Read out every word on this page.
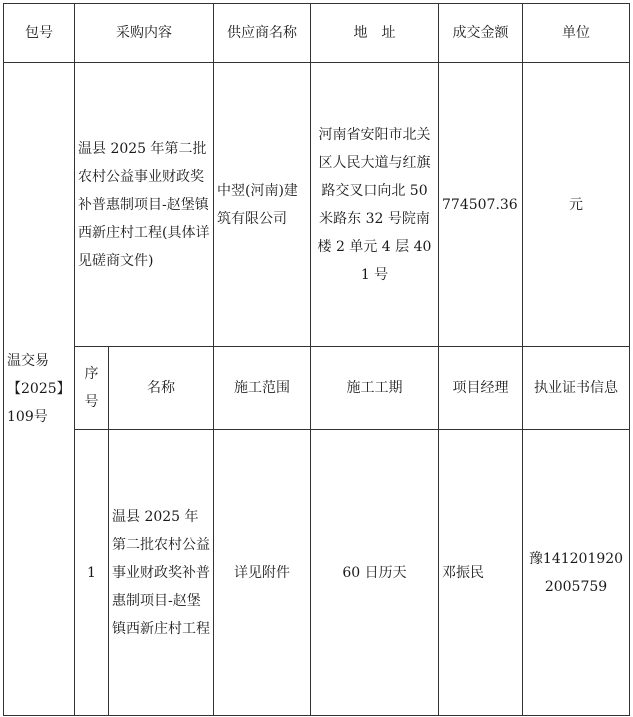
包号	采购内容		供应商名称	地　址	成交金额	单位
温交易【2025】 109号	温县 2025 年第二批农村公益事业财政奖补普惠制项目-赵堡镇西新庄村工程(具体详见磋商文件)		中翌(河南)建筑有限公司	河南省安阳市北关区人民大道与红旗路交叉口向北 50 米路东 32 号院南楼 2 单元 4 层 401 号	774507.36	元
	序号	名称	施工范围	施工工期	项目经理	执业证书信息
	1	温县 2025 年第二批农村公益事业财政奖补普惠制项目-赵堡镇西新庄村工程	详见附件	60 日历天	邓振民	豫1412019202005759
